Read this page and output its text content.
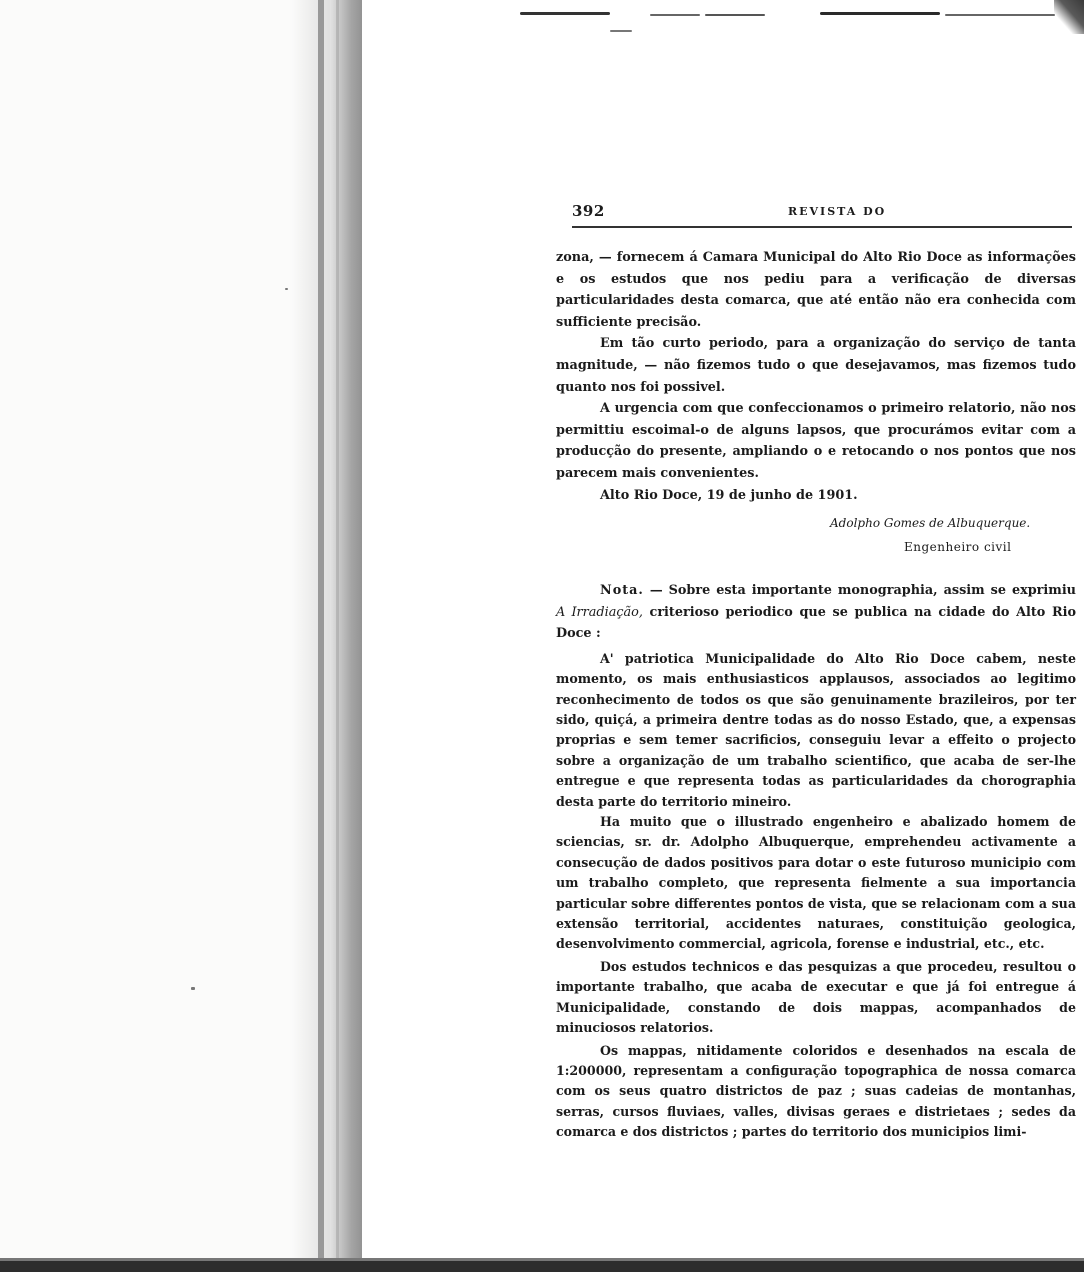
392	REVISTA DO

zona, — fornecem á Camara Municipal do Alto Rio Doce as informações e os estudos que nos pediu para a verificação de diversas particularidades desta comarca, que até então não era conhecida com sufficiente precisão.

Em tão curto periodo, para a organização do serviço de tanta magnitude, — não fizemos tudo o que desejavamos, mas fizemos tudo quanto nos foi possivel.

A urgencia com que confeccionamos o primeiro relatorio, não nos permittiu escoimal-o de alguns lapsos, que procurámos evitar com a producção do presente, ampliando o e retocando o nos pontos que nos parecem mais convenientes.

Alto Rio Doce, 19 de junho de 1901.

Adolpho Gomes de Albuquerque.
Engenheiro civil

Nota. — Sobre esta importante monographia, assim se exprimiu A Irradiação, criterioso periodico que se publica na cidade do Alto Rio Doce :

A' patriotica Municipalidade do Alto Rio Doce cabem, neste momento, os mais enthusiasticos applausos, associados ao legitimo reconhecimento de todos os que são genuinamente brazileiros, por ter sido, quiçá, a primeira dentre todas as do nosso Estado, que, a expensas proprias e sem temer sacrificios, conseguiu levar a effeito o projecto sobre a organização de um trabalho scientifico, que acaba de ser-lhe entregue e que representa todas as particularidades da chorographia desta parte do territorio mineiro.

Ha muito que o illustrado engenheiro e abalizado homem de sciencias, sr. dr. Adolpho Albuquerque, emprehendeu activamente a consecução de dados positivos para dotar o este futuroso municipio com um trabalho completo, que representa fielmente a sua importancia particular sobre differentes pontos de vista, que se relacionam com a sua extensão territorial, accidentes naturaes, constituição geologica, desenvolvimento commercial, agricola, forense e industrial, etc., etc.

Dos estudos technicos e das pesquizas a que procedeu, resultou o importante trabalho, que acaba de executar e que já foi entregue á Municipalidade, constando de dois mappas, acompanhados de minuciosos relatorios.

Os mappas, nitidamente coloridos e desenhados na escala de 1:200000, representam a configuração topographica de nossa comarca com os seus quatro districtos de paz ; suas cadeias de montanhas, serras, cursos fluviaes, valles, divisas geraes e distrietaes ; sedes da comarca e dos districtos ; partes do territorio dos municipios limi-
